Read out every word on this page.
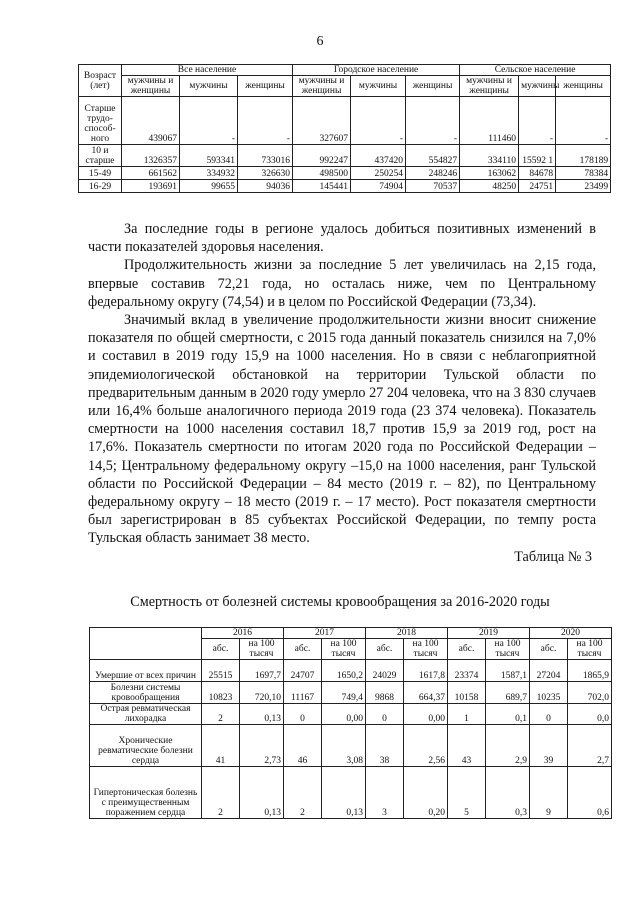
6
Возраст (лет)	Все население			Городское население			Сельское население		
	мужчины и женщины	мужчины	женщины	мужчины и женщины	мужчины	женщины	мужчины и женщины	мужчины	женщины
Старше трудо-способ-ного	439067	-	-	327607	-	-	111460	-	-
10 и старше	1326357	593341	733016	992247	437420	554827	334110	15592 1	178189
15-49	661562	334932	326630	498500	250254	248246	163062	84678	78384
16-29	193691	99655	94036	145441	74904	70537	48250	24751	23499

За последние годы в регионе удалось добиться позитивных изменений в части показателей здоровья населения.

Продолжительность жизни за последние 5 лет увеличилась на 2,15 года, впервые составив 72,21 года, но осталась ниже, чем по Центральному федеральному округу (74,54) и в целом по Российской Федерации (73,34).

Значимый вклад в увеличение продолжительности жизни вносит снижение показателя по общей смертности, с 2015 года данный показатель снизился на 7,0% и составил в 2019 году 15,9 на 1000 населения. Но в связи с неблагоприятной эпидемиологической обстановкой на территории Тульской области по предварительным данным в 2020 году умерло 27 204 человека, что на 3 830 случаев или 16,4% больше аналогичного периода 2019 года (23 374 человека). Показатель смертности на 1000 населения составил 18,7 против 15,9 за 2019 год, рост на 17,6%. Показатель смертности по итогам 2020 года по Российской Федерации – 14,5; Центральному федеральному округу –15,0 на 1000 населения, ранг Тульской области по Российской Федерации – 84 место (2019 г. – 82), по Центральному федеральному округу – 18 место (2019 г. – 17 место). Рост показателя смертности был зарегистрирован в 85 субъектах Российской Федерации, по темпу роста Тульская область занимает 38 место.

Таблица № 3
Смертность от болезней системы кровообращения за 2016-2020 годы
	2016		2017		2018		2019		2020	
	абс.	на 100 тысяч	абс.	на 100 тысяч	абс.	на 100 тысяч	абс.	на 100 тысяч	абс.	на 100 тысяч
Умершие от всех причин	25515	1697,7	24707	1650,2	24029	1617,8	23374	1587,1	27204	1865,9
Болезни системы кровообращения	10823	720,10	11167	749,4	9868	664,37	10158	689,7	10235	702,0
Острая ревматическая лихорадка	2	0,13	0	0,00	0	0,00	1	0,1	0	0,0
Хронические ревматические болезни сердца	41	2,73	46	3,08	38	2,56	43	2,9	39	2,7
Гипертоническая болезнь с преимущественным поражением сердца	2	0,13	2	0,13	3	0,20	5	0,3	9	0,6
